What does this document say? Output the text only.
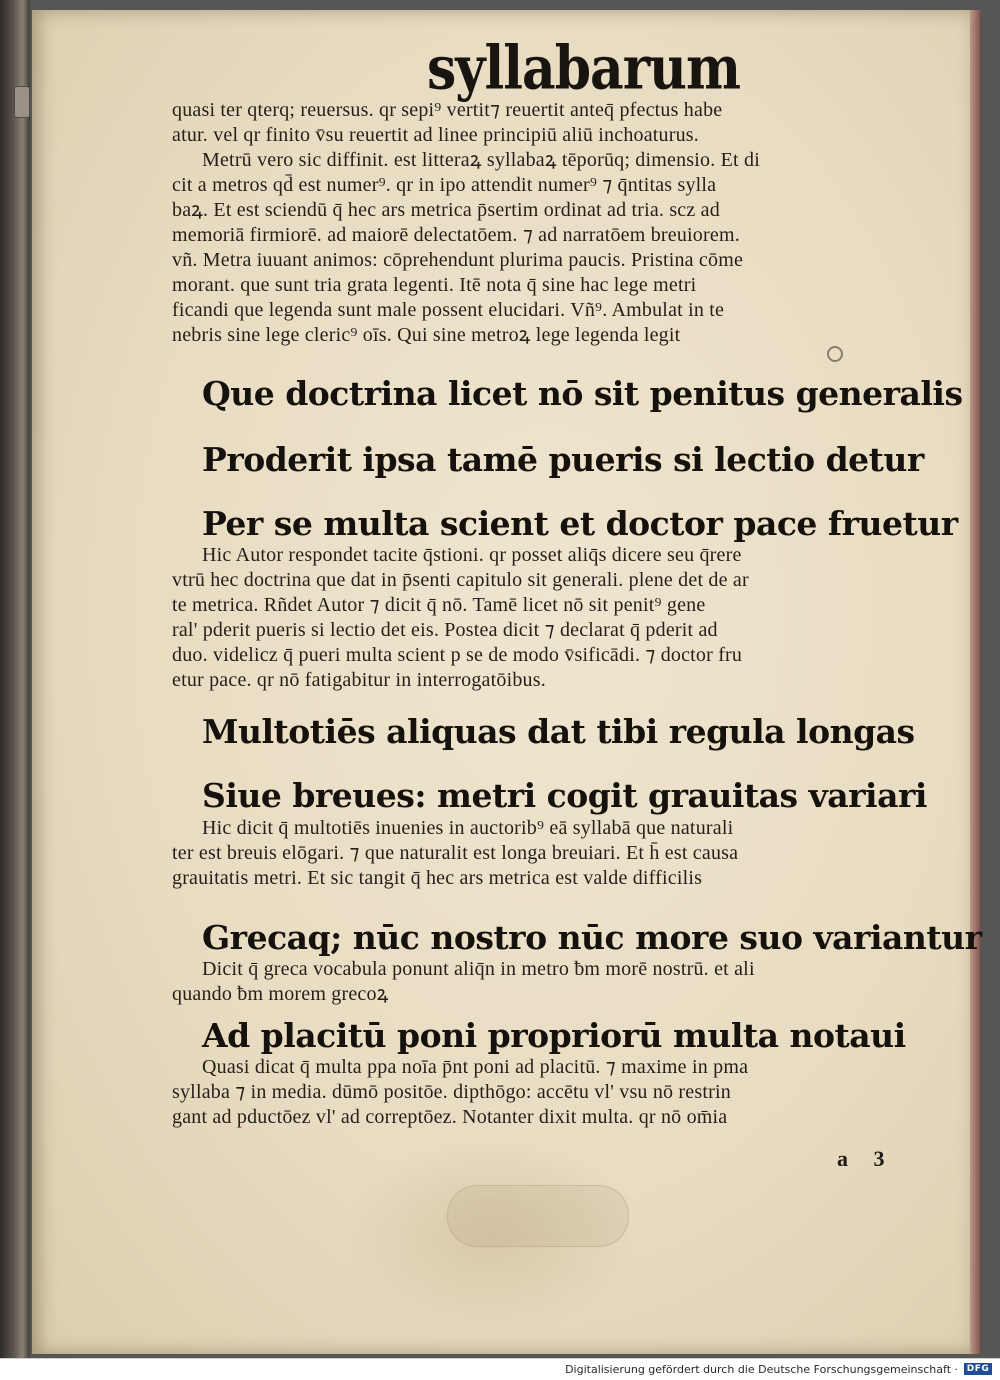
syllabarum

quasi ter qterq; reuersus. qr sepi⁹ vertit⁊ reuertit anteq̄ pfectus habe

atur. vel qr finito v̄su reuertit ad linee principiū aliū inchoaturus.

Metrū vero sic diffinit. est litteraꝝ syllabaꝝ tēporūq; dimensio. Et di

cit a metros qd̄ est numer⁹. qr in ipo attendit numer⁹ ⁊ q̄ntitas sylla

baꝝ. Et est sciendū q̄ hec ars metrica p̄sertim ordinat ad tria. scz ad

memoriā firmiorē. ad maiorē delectatōem. ⁊ ad narratōem breuiorem.

vñ. Metra iuuant animos: cōprehendunt plurima paucis. Pristina cōme

morant. que sunt tria grata legenti. Itē nota q̄ sine hac lege metri

ficandi que legenda sunt male possent elucidari. Vñ⁹. Ambulat in te

nebris sine lege cleric⁹ oīs. Qui sine metroꝝ lege legenda legit

Que doctrina licet nō sit penitus generalis
Proderit ipsa tamē pueris si lectio detur
Per se multa scient et doctor pace fruetur

Hic Autor respondet tacite q̄stioni. qr posset aliq̄s dicere seu q̄rere

vtrū hec doctrina que dat in p̄senti capitulo sit generali. plene det de ar

te metrica. Rñdet Autor ⁊ dicit q̄ nō. Tamē licet nō sit penit⁹ gene

ral' pderit pueris si lectio det eis. Postea dicit ⁊ declarat q̄ pderit ad

duo. videlicz q̄ pueri multa scient p se de modo v̄sificādi. ⁊ doctor fru

etur pace. qr nō fatigabitur in interrogatōibus.

Multotiēs aliquas dat tibi regula longas
Siue breues: metri cogit grauitas variari

Hic dicit q̄ multotiēs inuenies in auctorib⁹ eā syllabā que naturali

ter est breuis elōgari. ⁊ que naturalit est longa breuiari. Et h̄ est causa

grauitatis metri. Et sic tangit q̄ hec ars metrica est valde difficilis

Grecaq; nūc nostro nūc more suo variantur

Dicit q̄ greca vocabula ponunt aliq̄n in metro ƀm morē nostrū. et ali

quando ƀm morem grecoꝝ

Ad placitū poni propriorū multa notaui

Quasi dicat q̄ multa ppa noīa p̄nt poni ad placitū. ⁊ maxime in pma

syllaba ⁊ in media. dūmō positōe. dipthōgo: accētu vl' vsu nō restrin

gant ad pductōez vl' ad correptōez. Notanter dixit multa. qr nō om̄ia

a 3
Digitalisierung gefördert durch die Deutsche Forschungsgemeinschaft · DFG
